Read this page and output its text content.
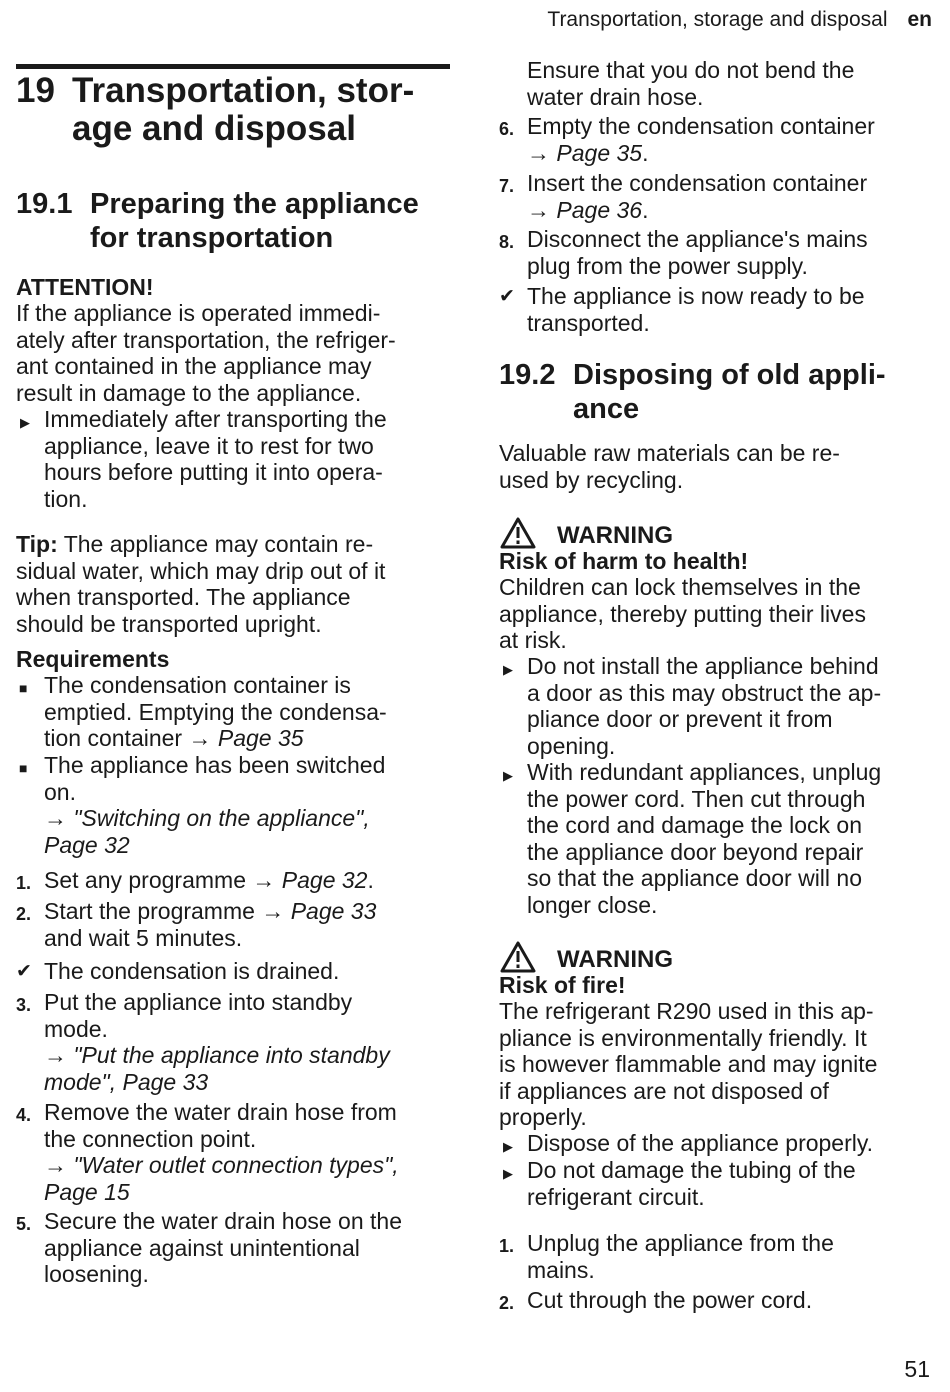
Transportation, storage and disposal en
19 Transportation, stor-
age and disposal
19.1 Preparing the appliance
for transportation
ATTENTION!
If the appliance is operated immedi-
ately after transportation, the refriger-
ant contained in the appliance may
result in damage to the appliance.
▶ Immediately after transporting the
appliance, leave it to rest for two
hours before putting it into opera-
tion.
Tip: The appliance may contain re-
sidual water, which may drip out of it
when transported. The appliance
should be transported upright.
Requirements
■ The condensation container is
emptied. Emptying the condensa-
tion container → Page 35
■ The appliance has been switched
on.
→ "Switching on the appliance",
Page 32
1. Set any programme → Page 32.
2. Start the programme → Page 33
and wait 5 minutes.
✔ The condensation is drained.
3. Put the appliance into standby
mode.
→ "Put the appliance into standby
mode", Page 33
4. Remove the water drain hose from
the connection point.
→ "Water outlet connection types",
Page 15
5. Secure the water drain hose on the
appliance against unintentional
loosening.
Ensure that you do not bend the
water drain hose.
6. Empty the condensation container
→ Page 35.
7. Insert the condensation container
→ Page 36.
8. Disconnect the appliance's mains
plug from the power supply.
✔ The appliance is now ready to be
transported.
19.2 Disposing of old appli-
ance
Valuable raw materials can be re-
used by recycling.
WARNING
Risk of harm to health!
Children can lock themselves in the
appliance, thereby putting their lives
at risk.
▶ Do not install the appliance behind
a door as this may obstruct the ap-
pliance door or prevent it from
opening.
▶ With redundant appliances, unplug
the power cord. Then cut through
the cord and damage the lock on
the appliance door beyond repair
so that the appliance door will no
longer close.
WARNING
Risk of fire!
The refrigerant R290 used in this ap-
pliance is environmentally friendly. It
is however flammable and may ignite
if appliances are not disposed of
properly.
▶ Dispose of the appliance properly.
▶ Do not damage the tubing of the
refrigerant circuit.
1. Unplug the appliance from the
mains.
2. Cut through the power cord.
51
